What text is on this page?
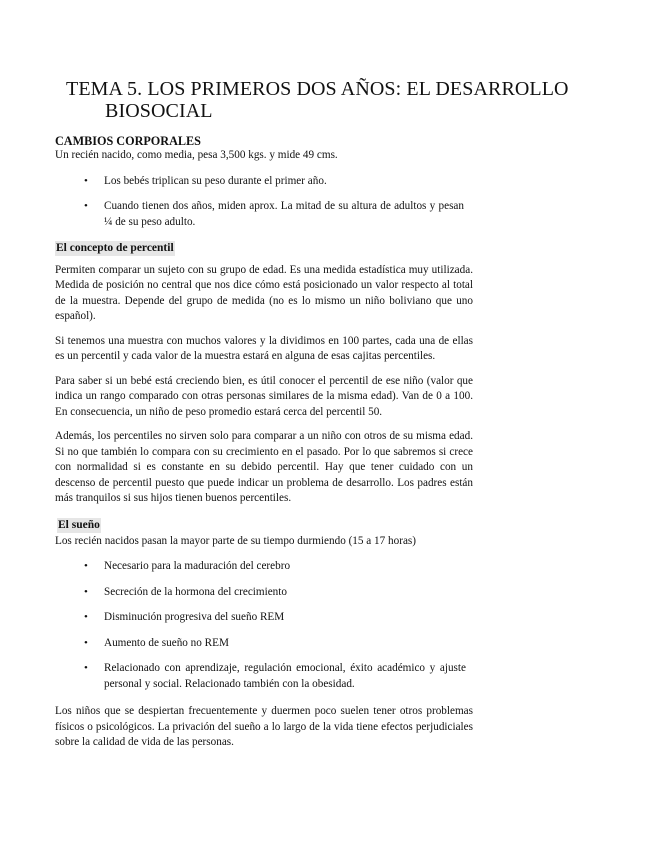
TEMA 5. LOS PRIMEROS DOS AÑOS: EL DESARROLLO
BIOSOCIAL
CAMBIOS CORPORALES
Un recién nacido, como media, pesa 3,500 kgs. y mide 49 cms.
• Los bebés triplican su peso durante el primer año.
• Cuando tienen dos años, miden aprox. La mitad de su altura de adultos y pesan ¼ de su peso adulto.
El concepto de percentil

Permiten comparar un sujeto con su grupo de edad. Es una medida estadística muy utilizada. Medida de posición no central que nos dice cómo está posicionado un valor respecto al total de la muestra. Depende del grupo de medida (no es lo mismo un niño boliviano que uno español).

Si tenemos una muestra con muchos valores y la dividimos en 100 partes, cada una de ellas es un percentil y cada valor de la muestra estará en alguna de esas cajitas percentiles.

Para saber si un bebé está creciendo bien, es útil conocer el percentil de ese niño (valor que indica un rango comparado con otras personas similares de la misma edad). Van de 0 a 100. En consecuencia, un niño de peso promedio estará cerca del percentil 50.

Además, los percentiles no sirven solo para comparar a un niño con otros de su misma edad. Si no que también lo compara con su crecimiento en el pasado. Por lo que sabremos si crece con normalidad si es constante en su debido percentil. Hay que tener cuidado con un descenso de percentil puesto que puede indicar un problema de desarrollo. Los padres están más tranquilos si sus hijos tienen buenos percentiles.

El sueño
Los recién nacidos pasan la mayor parte de su tiempo durmiendo (15 a 17 horas)
• Necesario para la maduración del cerebro
• Secreción de la hormona del crecimiento
• Disminución progresiva del sueño REM
• Aumento de sueño no REM
• Relacionado con aprendizaje, regulación emocional, éxito académico y ajuste personal y social. Relacionado también con la obesidad.

Los niños que se despiertan frecuentemente y duermen poco suelen tener otros problemas físicos o psicológicos. La privación del sueño a lo largo de la vida tiene efectos perjudiciales sobre la calidad de vida de las personas.
